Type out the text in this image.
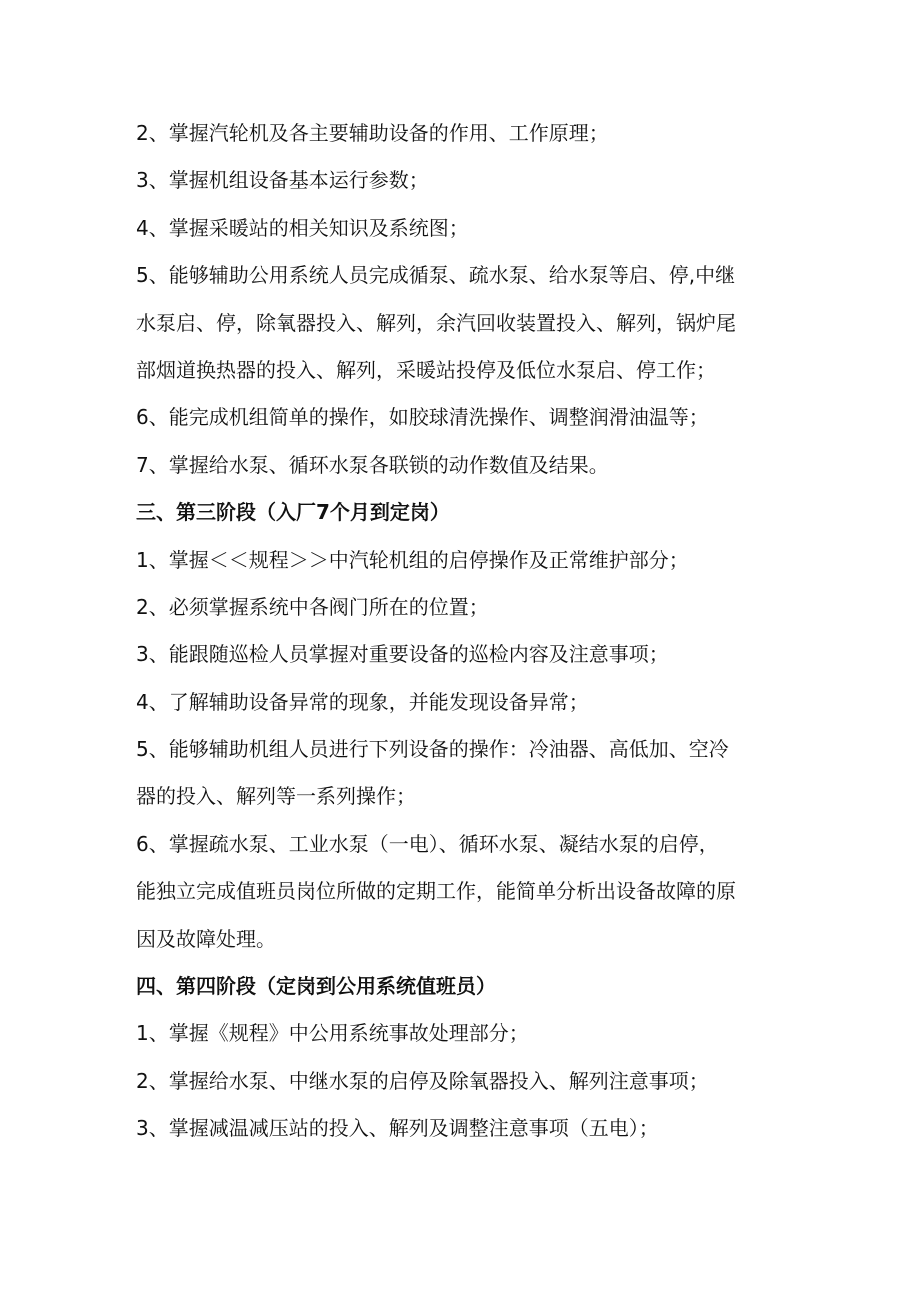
2、掌握汽轮机及各主要辅助设备的作用、工作原理；
3、掌握机组设备基本运行参数；
4、掌握采暖站的相关知识及系统图；
5、能够辅助公用系统人员完成循泵、疏水泵、给水泵等启、停,中继
水泵启、停，除氧器投入、解列，余汽回收装置投入、解列，锅炉尾
部烟道换热器的投入、解列，采暖站投停及低位水泵启、停工作；
6、能完成机组简单的操作，如胶球清洗操作、调整润滑油温等；
7、掌握给水泵、循环水泵各联锁的动作数值及结果。
三、第三阶段（入厂7个月到定岗）
1、掌握＜＜规程＞＞中汽轮机组的启停操作及正常维护部分；
2、必须掌握系统中各阀门所在的位置；
3、能跟随巡检人员掌握对重要设备的巡检内容及注意事项；
4、了解辅助设备异常的现象，并能发现设备异常；
5、能够辅助机组人员进行下列设备的操作：冷油器、高低加、空冷
器的投入、解列等一系列操作；
6、掌握疏水泵、工业水泵（一电）、循环水泵、凝结水泵的启停，
能独立完成值班员岗位所做的定期工作，能简单分析出设备故障的原
因及故障处理。
四、第四阶段（定岗到公用系统值班员）
1、掌握《规程》中公用系统事故处理部分；
2、掌握给水泵、中继水泵的启停及除氧器投入、解列注意事项；
3、掌握减温减压站的投入、解列及调整注意事项（五电）；
